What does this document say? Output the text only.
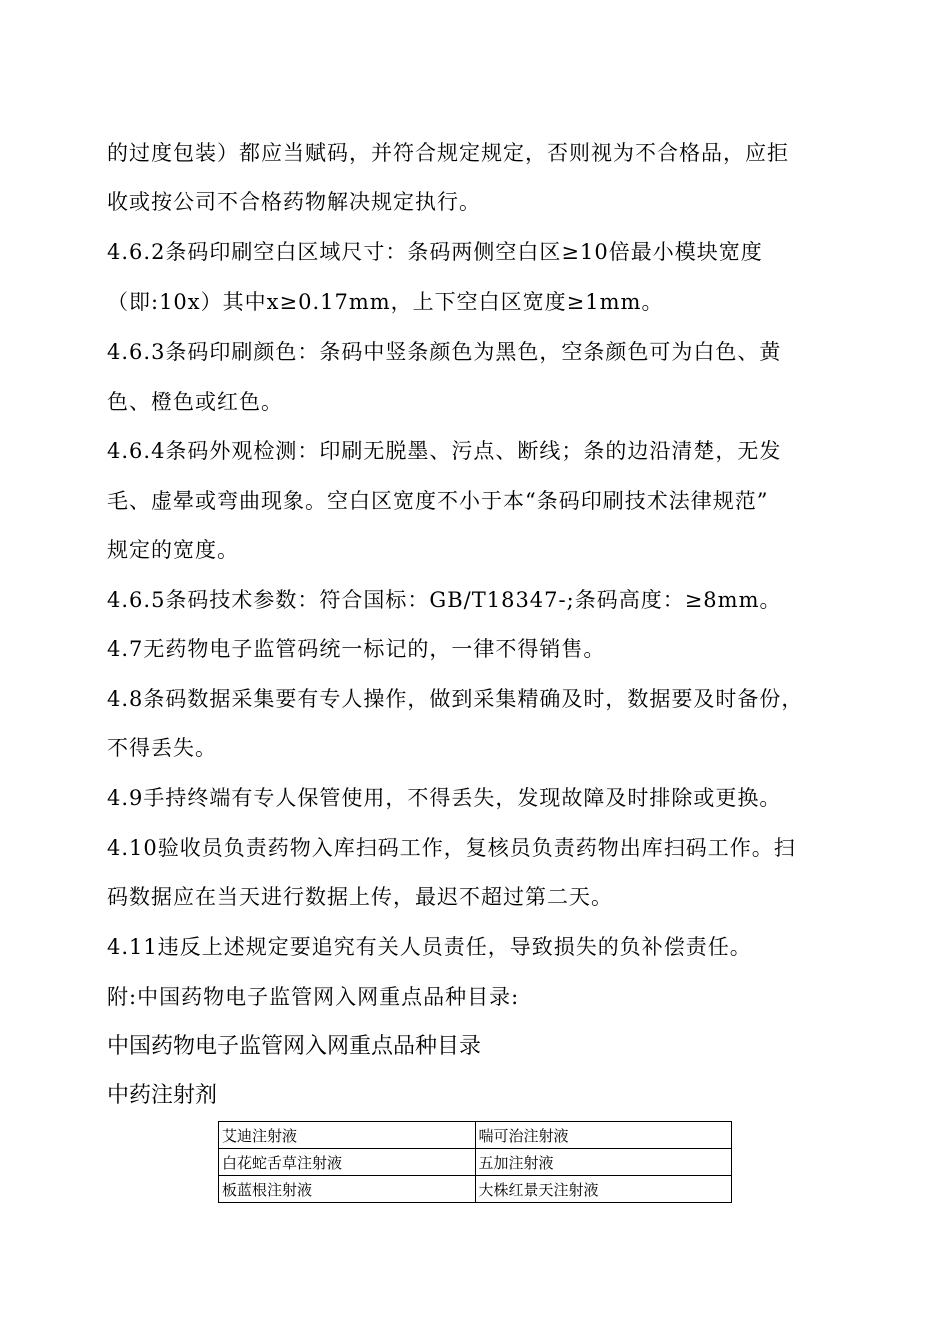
的过度包装）都应当赋码，并符合规定规定，否则视为不合格品，应拒
收或按公司不合格药物解决规定执行。
4.6.2条码印刷空白区域尺寸：条码两侧空白区≥10倍最小模块宽度
（即:10x）其中x≥0.17mm，上下空白区宽度≥1mm。
4.6.3条码印刷颜色：条码中竖条颜色为黑色，空条颜色可为白色、黄
色、橙色或红色。
4.6.4条码外观检测：印刷无脱墨、污点、断线；条的边沿清楚，无发
毛、虚晕或弯曲现象。空白区宽度不小于本“条码印刷技术法律规范”
规定的宽度。
4.6.5条码技术参数：符合国标：GB/T18347-;条码高度：≥8mm。
4.7无药物电子监管码统一标记的，一律不得销售。
4.8条码数据采集要有专人操作，做到采集精确及时，数据要及时备份，
不得丢失。
4.9手持终端有专人保管使用，不得丢失，发现故障及时排除或更换。
4.10验收员负责药物入库扫码工作，复核员负责药物出库扫码工作。扫
码数据应在当天进行数据上传，最迟不超过第二天。
4.11违反上述规定要追究有关人员责任，导致损失的负补偿责任。
附:中国药物电子监管网入网重点品种目录:
中国药物电子监管网入网重点品种目录
中药注射剂
艾迪注射液	喘可治注射液
白花蛇舌草注射液	五加注射液
板蓝根注射液	大株红景天注射液
